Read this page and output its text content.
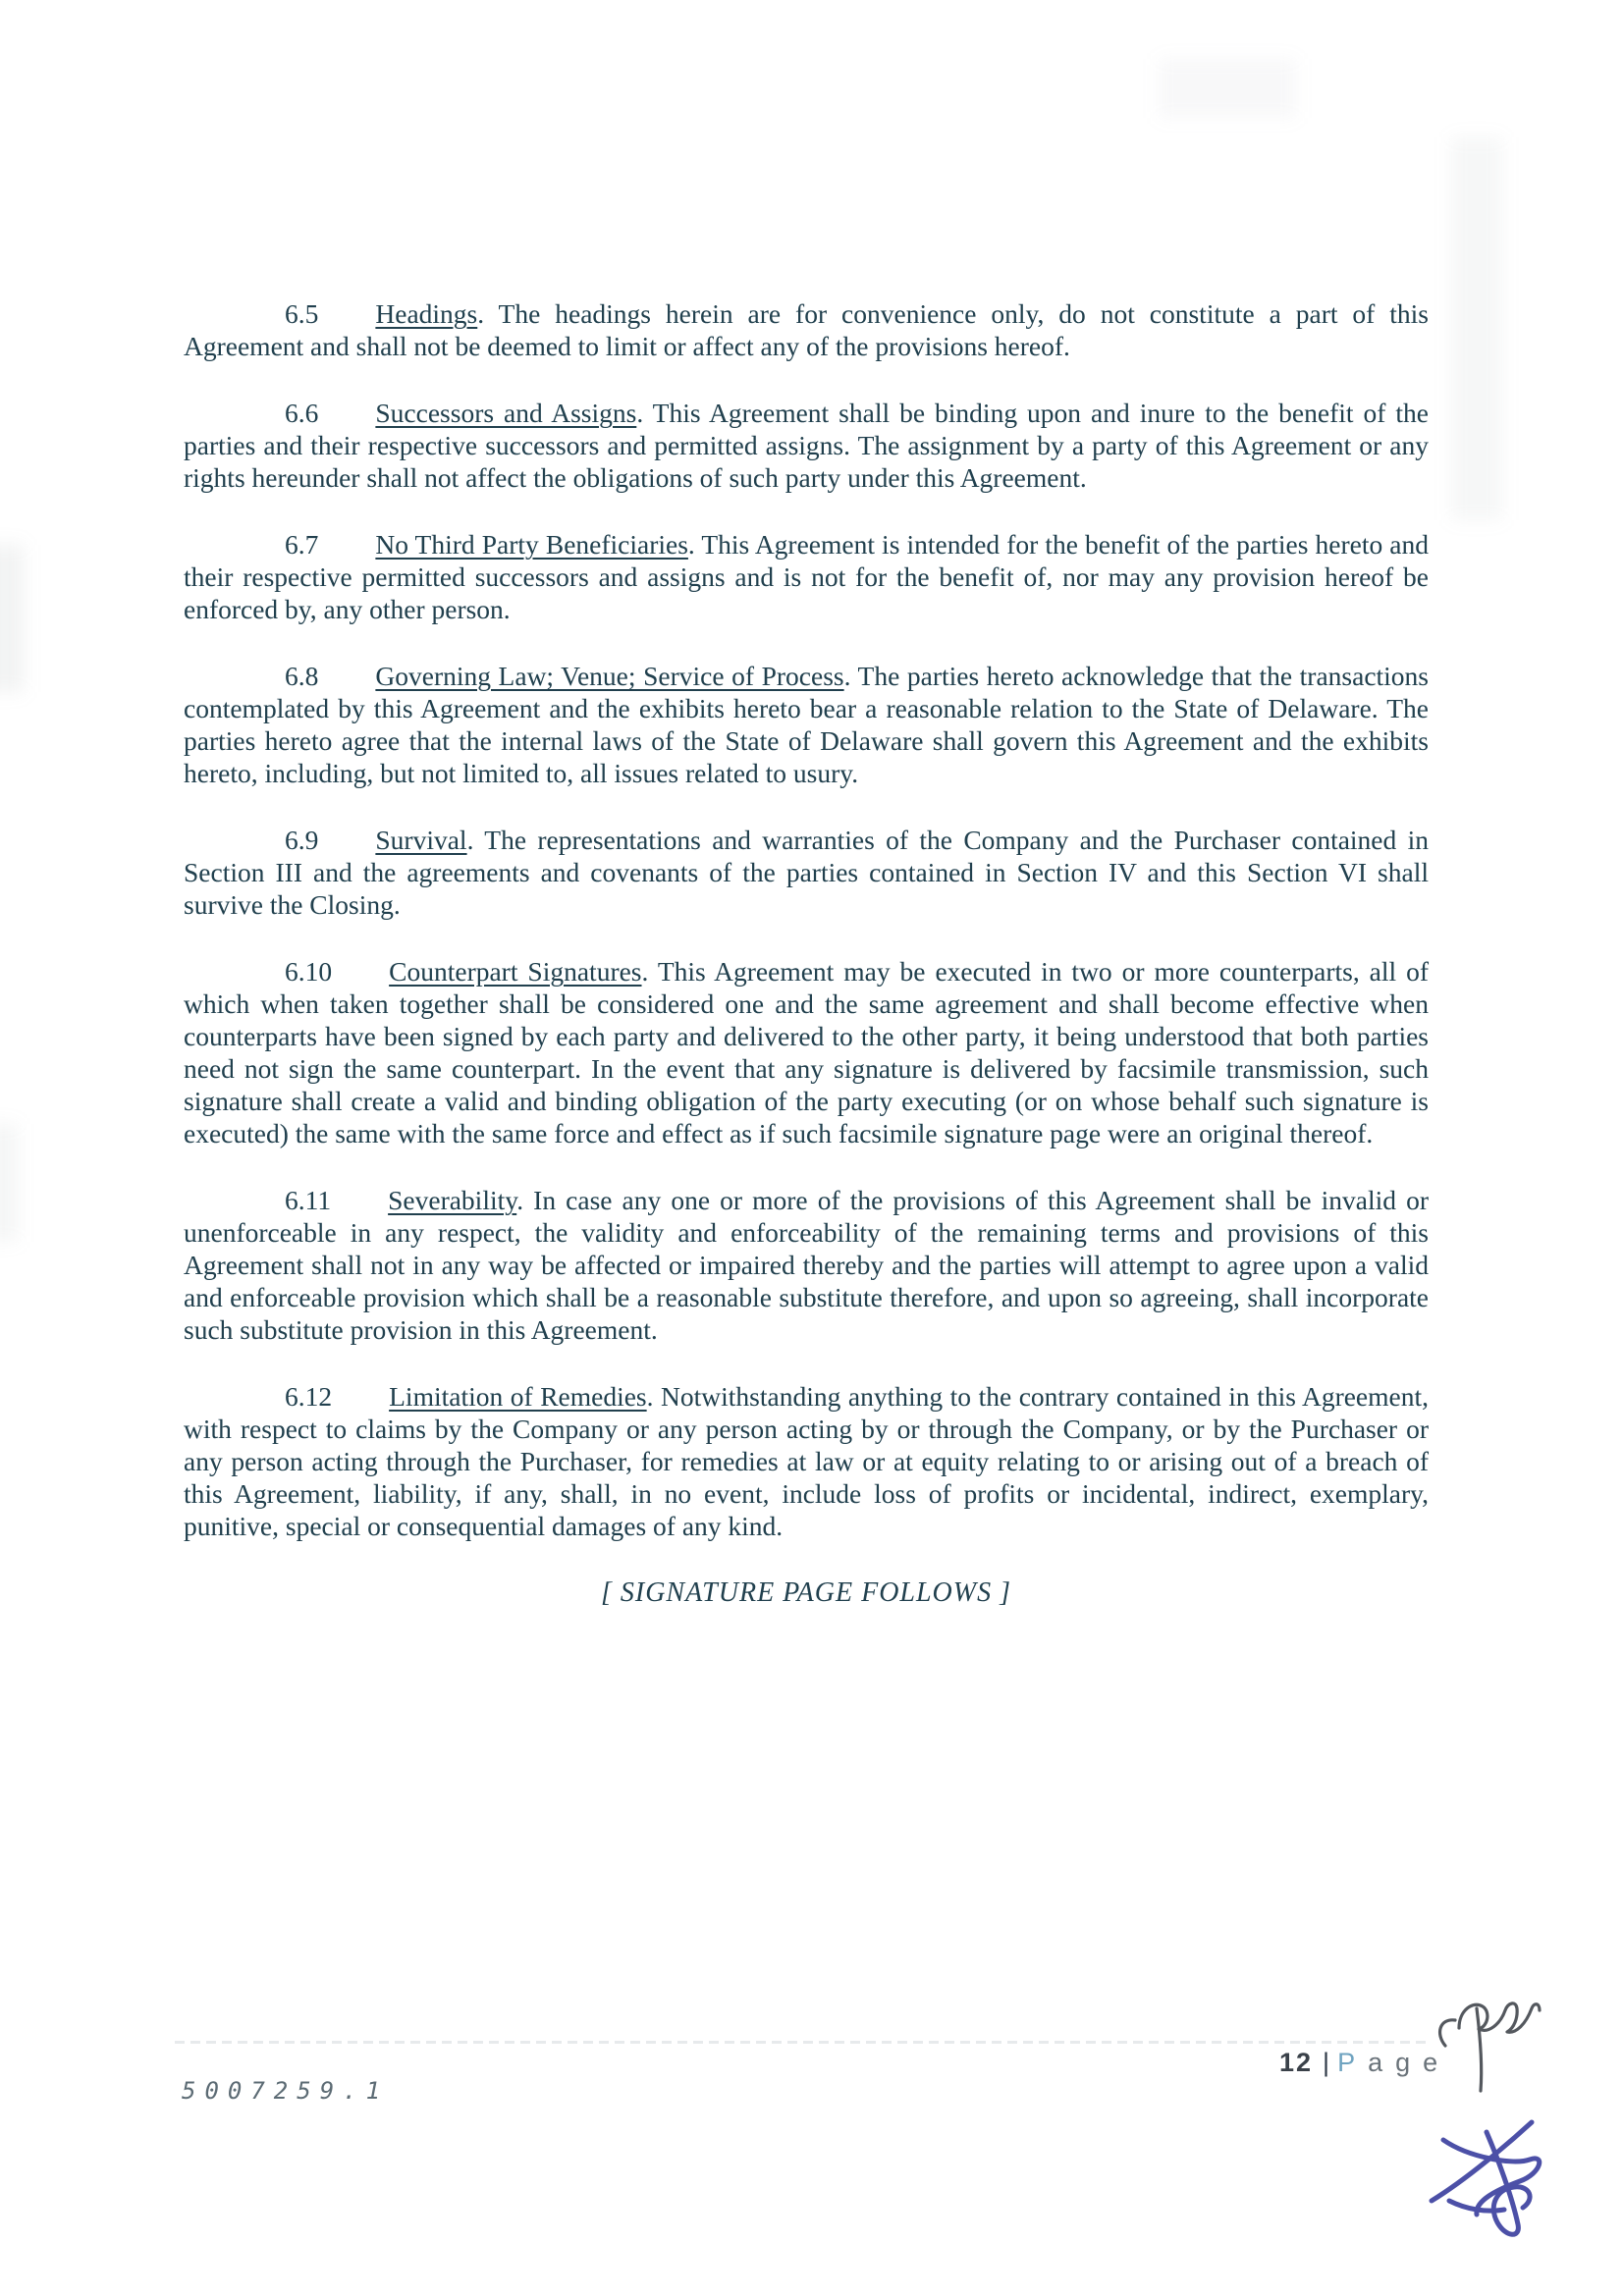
6.5 Headings. The headings herein are for convenience only, do not constitute a part of this Agreement and shall not be deemed to limit or affect any of the provisions hereof.

6.6 Successors and Assigns. This Agreement shall be binding upon and inure to the benefit of the parties and their respective successors and permitted assigns. The assignment by a party of this Agreement or any rights hereunder shall not affect the obligations of such party under this Agreement.

6.7 No Third Party Beneficiaries. This Agreement is intended for the benefit of the parties hereto and their respective permitted successors and assigns and is not for the benefit of, nor may any provision hereof be enforced by, any other person.

6.8 Governing Law; Venue; Service of Process. The parties hereto acknowledge that the transactions contemplated by this Agreement and the exhibits hereto bear a reasonable relation to the State of Delaware. The parties hereto agree that the internal laws of the State of Delaware shall govern this Agreement and the exhibits hereto, including, but not limited to, all issues related to usury.

6.9 Survival. The representations and warranties of the Company and the Purchaser contained in Section III and the agreements and covenants of the parties contained in Section IV and this Section VI shall survive the Closing.

6.10 Counterpart Signatures. This Agreement may be executed in two or more counterparts, all of which when taken together shall be considered one and the same agreement and shall become effective when counterparts have been signed by each party and delivered to the other party, it being understood that both parties need not sign the same counterpart. In the event that any signature is delivered by facsimile transmission, such signature shall create a valid and binding obligation of the party executing (or on whose behalf such signature is executed) the same with the same force and effect as if such facsimile signature page were an original thereof.

6.11 Severability. In case any one or more of the provisions of this Agreement shall be invalid or unenforceable in any respect, the validity and enforceability of the remaining terms and provisions of this Agreement shall not in any way be affected or impaired thereby and the parties will attempt to agree upon a valid and enforceable provision which shall be a reasonable substitute therefore, and upon so agreeing, shall incorporate such substitute provision in this Agreement.

6.12 Limitation of Remedies. Notwithstanding anything to the contrary contained in this Agreement, with respect to claims by the Company or any person acting by or through the Company, or by the Purchaser or any person acting through the Purchaser, for remedies at law or at equity relating to or arising out of a breach of this Agreement, liability, if any, shall, in no event, include loss of profits or incidental, indirect, exemplary, punitive, special or consequential damages of any kind.

[ SIGNATURE PAGE FOLLOWS ]

12 | Page
5007259.1
